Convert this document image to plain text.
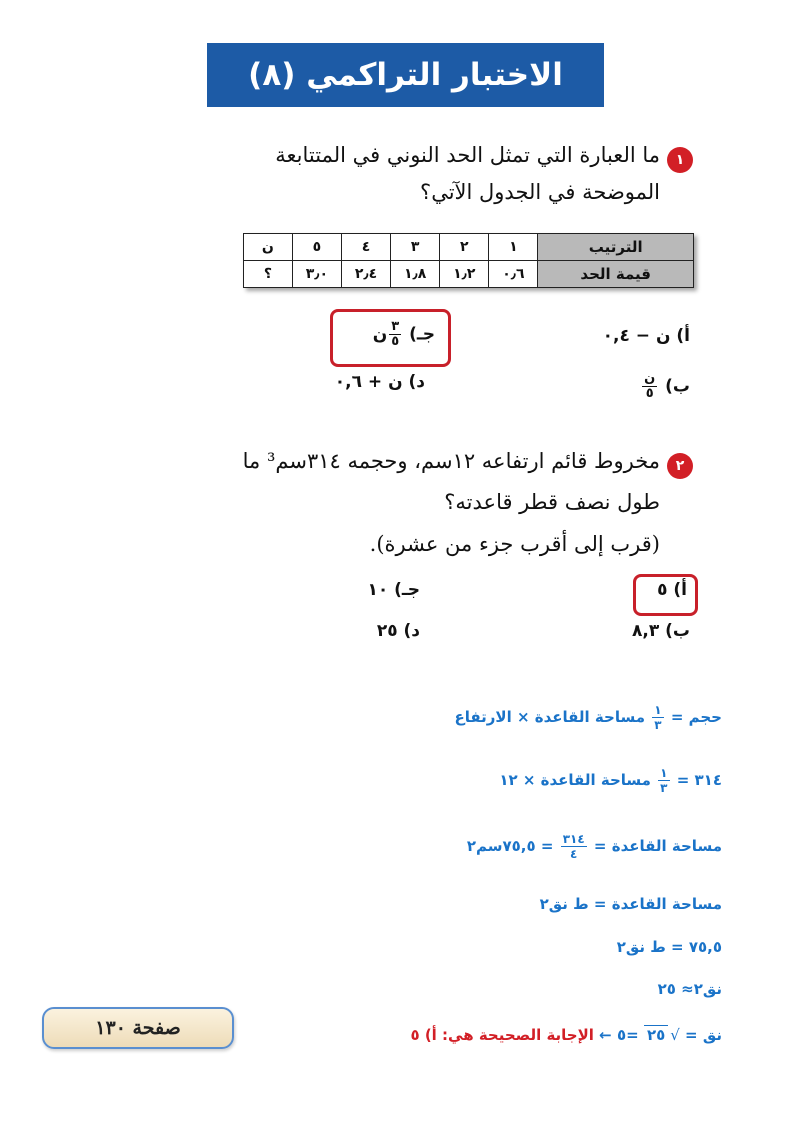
الاختبار التراكمي (٨)
١
ما العبارة التي تمثل الحد النوني في المتتابعة
الموضحة في الجدول الآتي؟
الترتيب	١	٢	٣	٤	٥	ن
قيمة الحد	٠٫٦	١٫٢	١٫٨	٢٫٤	٣٫٠	؟
أ) ن − ٠,٤
ب)
$\frac{\text{ن}}{٥}$
جـ)
$\frac{٣}{٥}$
ن
د) ن + ٠,٦
٢
مخروط قائم ارتفاعه ١٢سم، وحجمه ٣١٤سم³ ما
طول نصف قطر قاعدته؟
(قرب إلى أقرب جزء من عشرة).
أ) ٥
ب) ٨,٣
جـ) ١٠
د) ٢٥
حجم =
$\frac{١}{٣}$
مساحة القاعدة × الارتفاع
٣١٤ =
$\frac{١}{٣}$
مساحة القاعدة × ١٢
مساحة القاعدة =
$\frac{٣١٤}{٤}$
= ٧٥,٥سم٢
مساحة القاعدة = ط نق٢
٧٥,٥ = ط نق٢
نق٢≈ ٢٥
نق = √٢٥ =٥ ← الإجابة الصحيحة هي: أ) ٥
صفحة ١٣٠
